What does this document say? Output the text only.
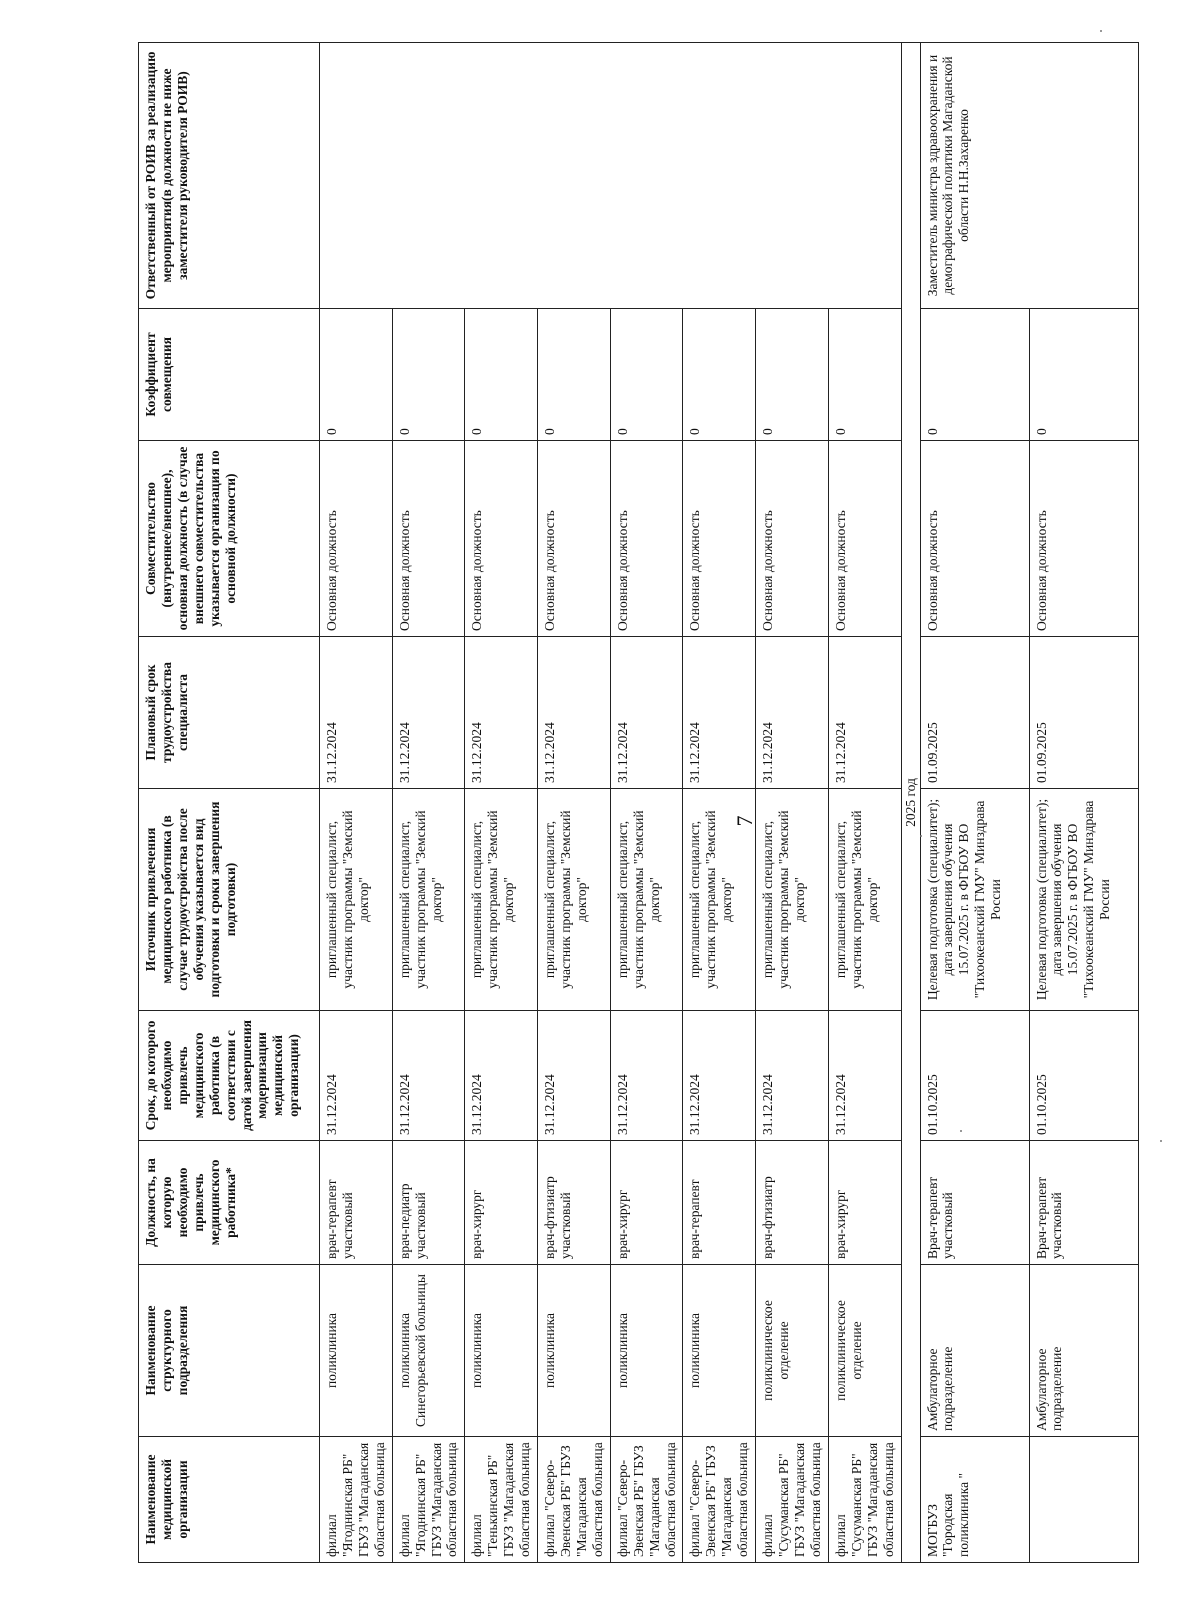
7
Наименование медицинской организации	Наименование структурного подразделения	Должность, на которую необходимо привлечь медицинского работника*	Срок, до которого необходимо привлечь медицинского работника (в соответствии с датой завершения модернизации медицинской организации)	Источник привлечения медицинского работника (в случае трудоустройства после обучения указывается вид подготовки и сроки завершения подготовки)	Плановый срок трудоустройства специалиста	Совместительство (внутреннее/внешнее), основная должность (в случае внешнего совместительства указывается организация по основной должности)	Коэффициент совмещения	Ответственный от РОИВ за реализацию мероприятия(в должности не ниже заместителя руководителя РОИВ)
филиал "Ягоднинская РБ" ГБУЗ "Магаданская областная больница	поликлиника	врач-терапевт участковый	31.12.2024	приглашенный специалист, участник программы "Земский доктор"	31.12.2024	Основная должность	0	
филиал "Ягоднинская РБ" ГБУЗ "Магаданская областная больница	поликлиника Синегорьевской больницы	врач-педиатр участковый	31.12.2024	приглашенный специалист, участник программы "Земский доктор"	31.12.2024	Основная должность	0	
филиал "Тенькинская РБ" ГБУЗ "Магаданская областная больница	поликлиника	врач-хирург	31.12.2024	приглашенный специалист, участник программы "Земский доктор"	31.12.2024	Основная должность	0	
филиал "Северо-Эвенская РБ" ГБУЗ "Магаданская областная больница	поликлиника	врач-фтизиатр участковый	31.12.2024	приглашенный специалист, участник программы "Земский доктор"	31.12.2024	Основная должность	0	
филиал "Северо-Эвенская РБ" ГБУЗ "Магаданская областная больница	поликлиника	врач-хирург	31.12.2024	приглашенный специалист, участник программы "Земский доктор"	31.12.2024	Основная должность	0	
филиал "Северо-Эвенская РБ" ГБУЗ "Магаданская областная больница	поликлиника	врач-терапевт	31.12.2024	приглашенный специалист, участник программы "Земский доктор"	31.12.2024	Основная должность	0	
филиал "Сусуманская РБ" ГБУЗ "Магаданская областная больница	поликлиническое отделение	врач-фтизиатр	31.12.2024	приглашенный специалист, участник программы "Земский доктор"	31.12.2024	Основная должность	0	
филиал "Сусуманская РБ" ГБУЗ "Магаданская областная больница	поликлиническое отделение	врач-хирург	31.12.2024	приглашенный специалист, участник программы "Земский доктор"	31.12.2024	Основная должность	0	
2025 год								
МОГБУЗ "Городская поликлиника "	Амбулаторное подразделение	Врач-терапевт участковый	01.10.2025	Целевая подготовка (специалитет); дата завершения обучения 15.07.2025 г. в ФГБОУ ВО "Тихоокеанский ГМУ" Минздрава России	01.09.2025	Основная должность	0	Заместитель министра здравоохранения и демографической политики Магаданской области Н.Н.Захаренко
	Амбулаторное подразделение	Врач-терапевт участковый	01.10.2025	Целевая подготовка (специалитет); дата завершения обучения 15.07.2025 г. в ФГБОУ ВО "Тихоокеанский ГМУ" Минздрава России	01.09.2025	Основная должность	0	
